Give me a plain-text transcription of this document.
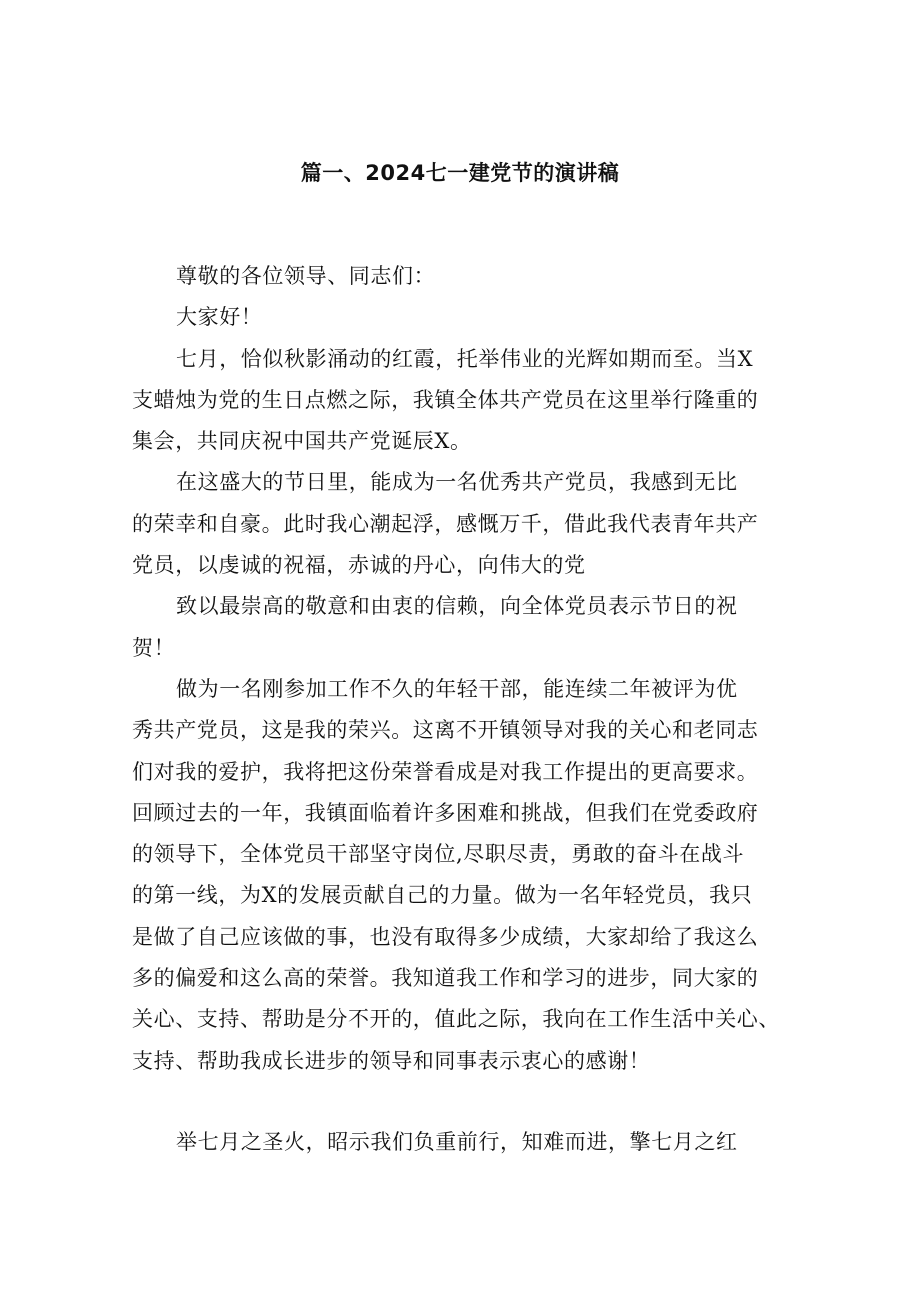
篇一、2024七一建党节的演讲稿
尊敬的各位领导、同志们：
大家好！
七月，恰似秋影涌动的红霞，托举伟业的光辉如期而至。当X
支蜡烛为党的生日点燃之际，我镇全体共产党员在这里举行隆重的
集会，共同庆祝中国共产党诞辰X。
在这盛大的节日里，能成为一名优秀共产党员，我感到无比
的荣幸和自豪。此时我心潮起浮，感慨万千，借此我代表青年共产
党员，以虔诚的祝福，赤诚的丹心，向伟大的党
致以最崇高的敬意和由衷的信赖，向全体党员表示节日的祝
贺！
做为一名刚参加工作不久的年轻干部，能连续二年被评为优
秀共产党员，这是我的荣兴。这离不开镇领导对我的关心和老同志
们对我的爱护，我将把这份荣誉看成是对我工作提出的更高要求。
回顾过去的一年，我镇面临着许多困难和挑战，但我们在党委政府
的领导下，全体党员干部坚守岗位,尽职尽责，勇敢的奋斗在战斗
的第一线，为X的发展贡献自己的力量。做为一名年轻党员，我只
是做了自己应该做的事，也没有取得多少成绩，大家却给了我这么
多的偏爱和这么高的荣誉。我知道我工作和学习的进步，同大家的
关心、支持、帮助是分不开的，值此之际，我向在工作生活中关心、
支持、帮助我成长进步的领导和同事表示衷心的感谢！
举七月之圣火，昭示我们负重前行，知难而进，擎七月之红
